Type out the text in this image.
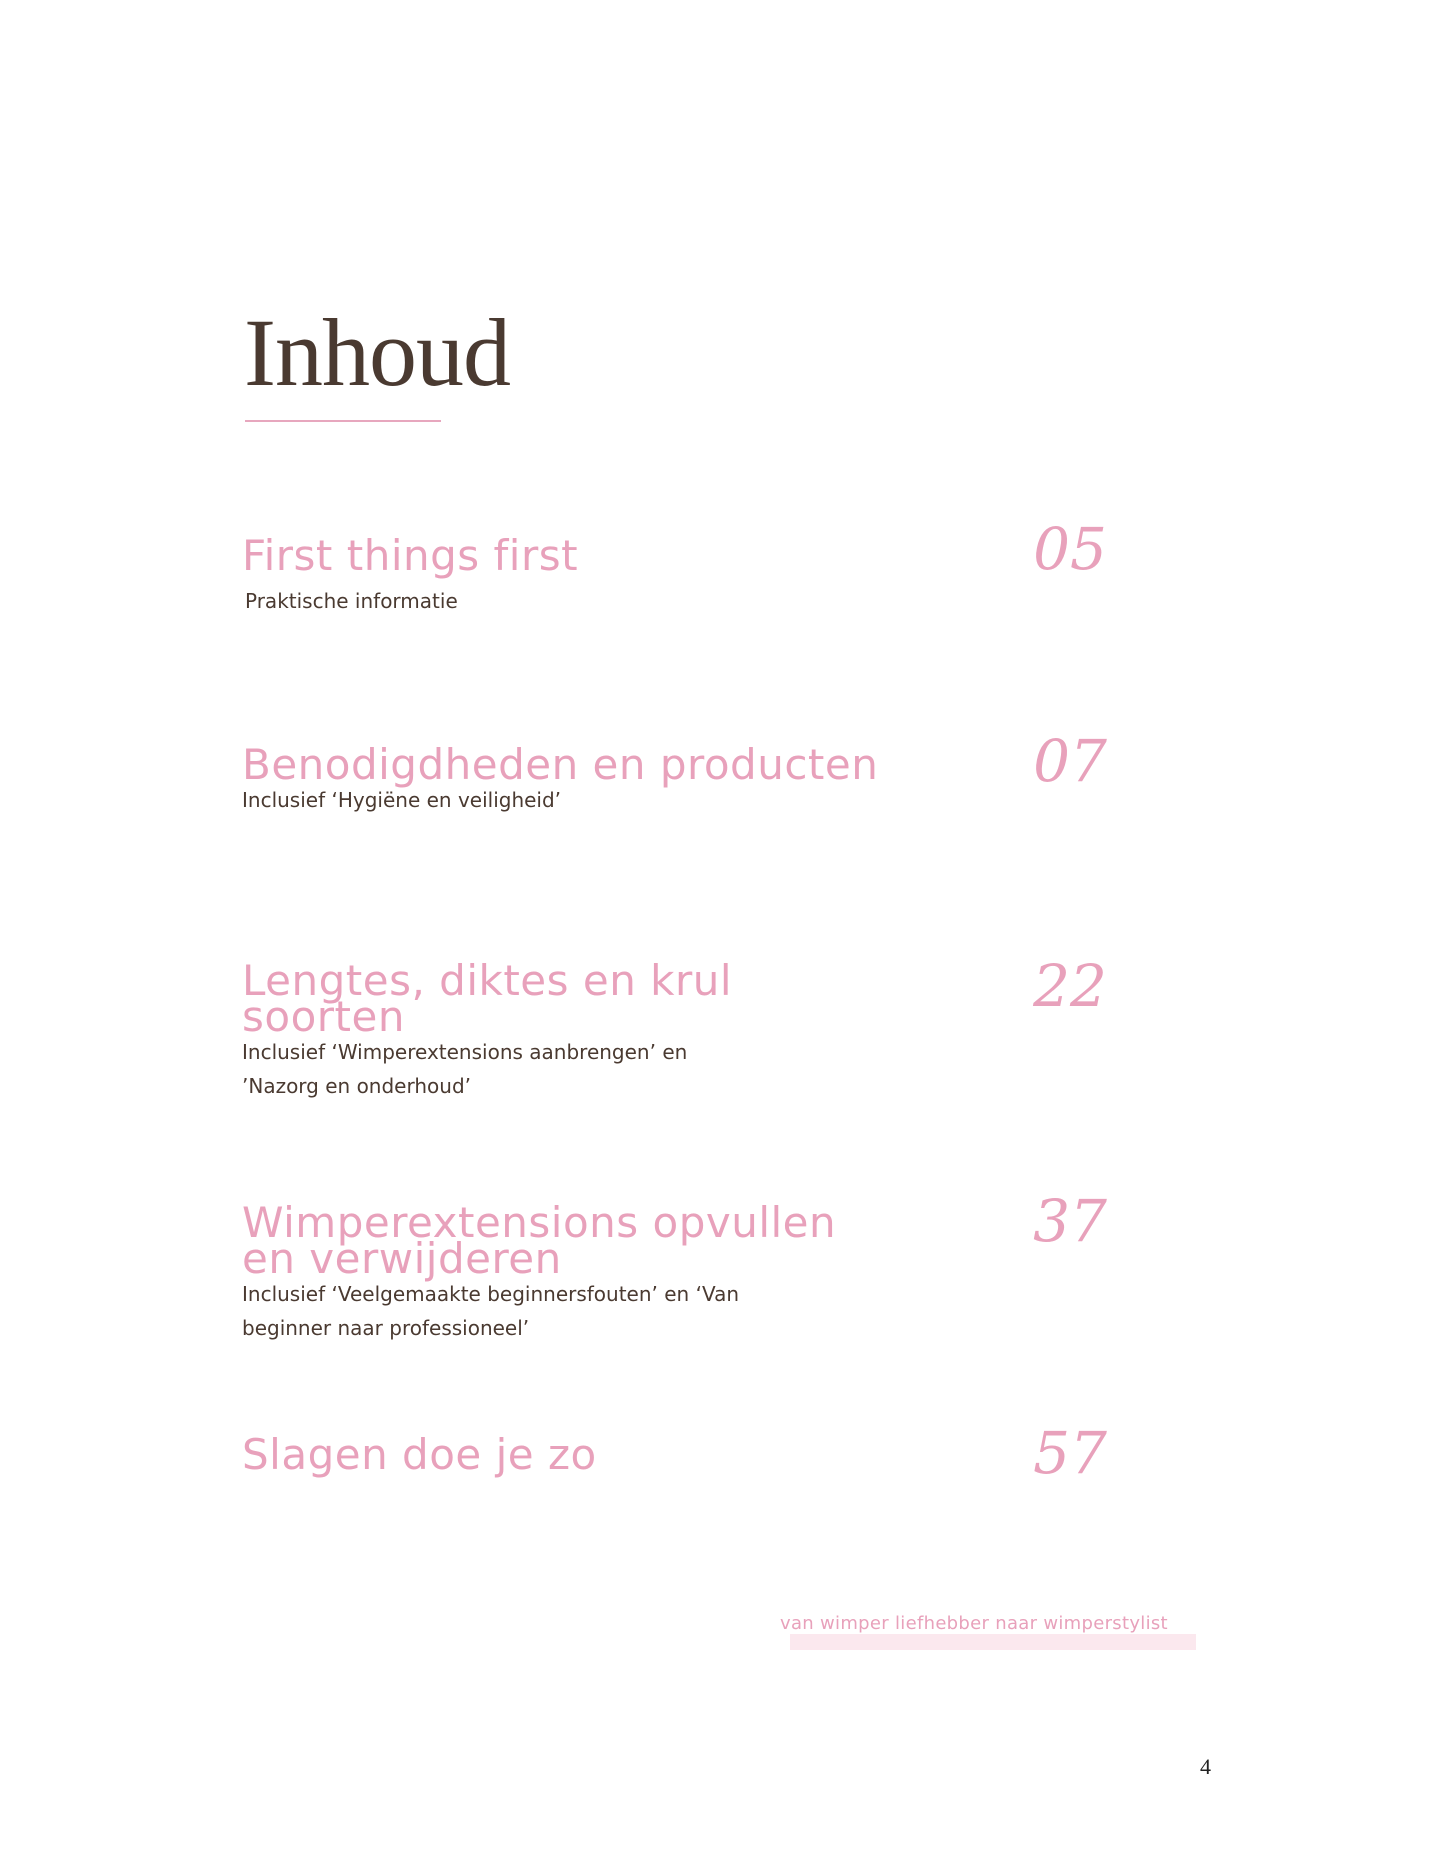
Inhoud
First things first

Praktische informatie

05
Benodigdheden en producten

Inclusief ‘Hygiëne en veiligheid’

07
Lengtes, diktes en krul soorten

Inclusief ‘Wimperextensions aanbrengen’ en ’Nazorg en onderhoud’

22
Wimperextensions opvullen en verwijderen

Inclusief ‘Veelgemaakte beginnersfouten’ en ‘Van beginner naar professioneel’

37
Slagen doe je zo	57
van wimper liefhebber naar wimperstylist
4
